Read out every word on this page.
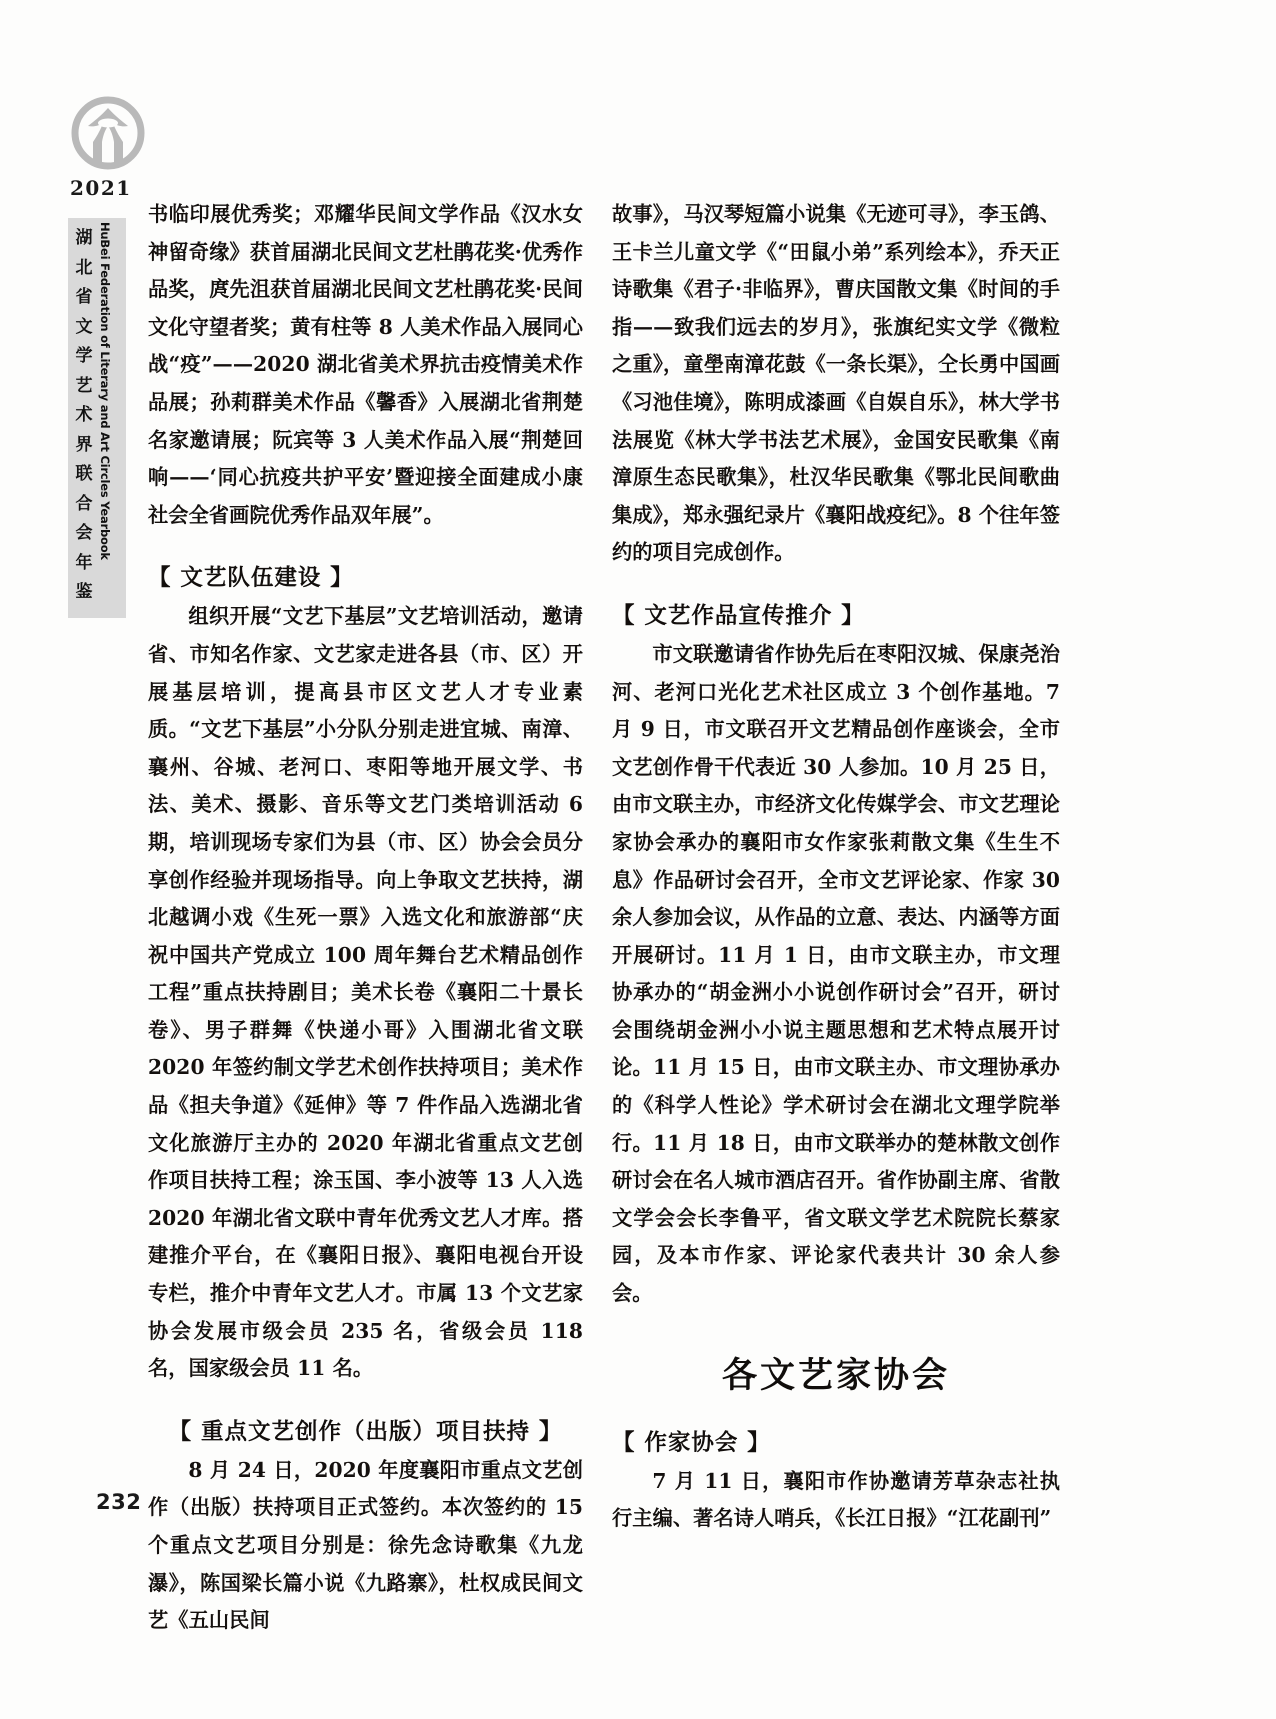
2021
湖北省文学艺术界联合会年鉴
HuBei Federation of Literary and Art Circles Yearbook
232

书临印展优秀奖；邓耀华民间文学作品《汉水女神留奇缘》获首届湖北民间文艺杜鹃花奖·优秀作品奖，庹先沮获首届湖北民间文艺杜鹃花奖·民间文化守望者奖；黄有柱等 8 人美术作品入展同心战“疫”——2020 湖北省美术界抗击疫情美术作品展；孙莉群美术作品《馨香》入展湖北省荆楚名家邀请展；阮宾等 3 人美术作品入展“荆楚回响——‘同心抗疫共护平安’暨迎接全面建成小康社会全省画院优秀作品双年展”。

【 文艺队伍建设 】

组织开展“文艺下基层”文艺培训活动，邀请省、市知名作家、文艺家走进各县（市、区）开展基层培训，提高县市区文艺人才专业素质。“文艺下基层”小分队分别走进宜城、南漳、襄州、谷城、老河口、枣阳等地开展文学、书法、美术、摄影、音乐等文艺门类培训活动 6 期，培训现场专家们为县（市、区）协会会员分享创作经验并现场指导。向上争取文艺扶持，湖北越调小戏《生死一票》入选文化和旅游部“庆祝中国共产党成立 100 周年舞台艺术精品创作工程”重点扶持剧目；美术长卷《襄阳二十景长卷》、男子群舞《快递小哥》入围湖北省文联 2020 年签约制文学艺术创作扶持项目；美术作品《担夫争道》《延伸》等 7 件作品入选湖北省文化旅游厅主办的 2020 年湖北省重点文艺创作项目扶持工程；涂玉国、李小波等 13 人入选 2020 年湖北省文联中青年优秀文艺人才库。搭建推介平台，在《襄阳日报》、襄阳电视台开设专栏，推介中青年文艺人才。市属 13 个文艺家协会发展市级会员 235 名，省级会员 118 名，国家级会员 11 名。

【 重点文艺创作（出版）项目扶持 】

8 月 24 日，2020 年度襄阳市重点文艺创作（出版）扶持项目正式签约。本次签约的 15 个重点文艺项目分别是：徐先念诗歌集《九龙瀑》，陈国梁长篇小说《九路寨》，杜权成民间文艺《五山民间

故事》，马汉琴短篇小说集《无迹可寻》，李玉鸽、王卡兰儿童文学《“田鼠小弟”系列绘本》，乔天正诗歌集《君子·非临界》，曹庆国散文集《时间的手指——致我们远去的岁月》，张旗纪实文学《微粒之重》，童壆南漳花鼓《一条长渠》，仝长勇中国画《习池佳境》，陈明成漆画《自娱自乐》，林大学书法展览《林大学书法艺术展》，金国安民歌集《南漳原生态民歌集》，杜汉华民歌集《鄂北民间歌曲集成》，郑永强纪录片《襄阳战疫纪》。8 个往年签约的项目完成创作。

【 文艺作品宣传推介 】

市文联邀请省作协先后在枣阳汉城、保康尧治河、老河口光化艺术社区成立 3 个创作基地。7 月 9 日，市文联召开文艺精品创作座谈会，全市文艺创作骨干代表近 30 人参加。10 月 25 日，由市文联主办，市经济文化传媒学会、市文艺理论家协会承办的襄阳市女作家张莉散文集《生生不息》作品研讨会召开，全市文艺评论家、作家 30 余人参加会议，从作品的立意、表达、内涵等方面开展研讨。11 月 1 日，由市文联主办，市文理协承办的“胡金洲小小说创作研讨会”召开，研讨会围绕胡金洲小小说主题思想和艺术特点展开讨论。11 月 15 日，由市文联主办、市文理协承办的《科学人性论》学术研讨会在湖北文理学院举行。11 月 18 日，由市文联举办的楚林散文创作研讨会在名人城市酒店召开。省作协副主席、省散文学会会长李鲁平，省文联文学艺术院院长蔡家园，及本市作家、评论家代表共计 30 余人参会。

各文艺家协会
【 作家协会 】

7 月 11 日，襄阳市作协邀请芳草杂志社执行主编、著名诗人哨兵，《长江日报》“江花副刊”
